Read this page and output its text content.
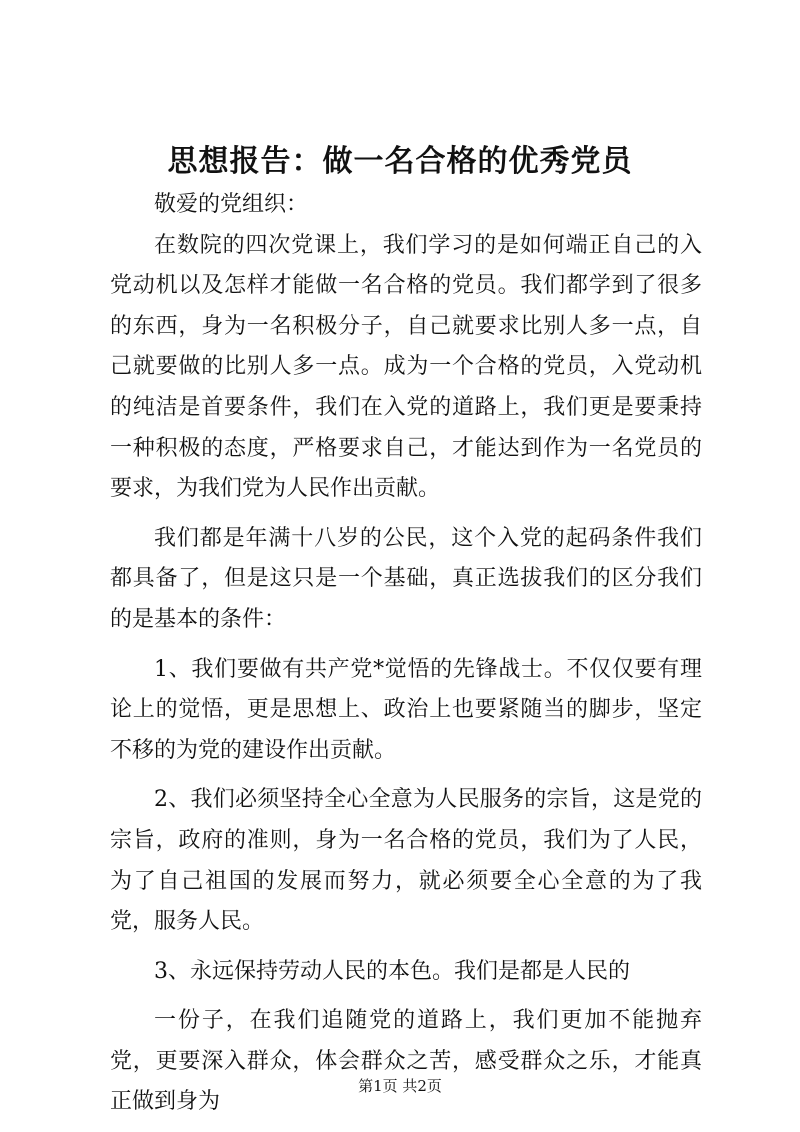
思想报告：做一名合格的优秀党员

敬爱的党组织：

在数院的四次党课上，我们学习的是如何端正自己的入党动机以及怎样才能做一名合格的党员。我们都学到了很多的东西，身为一名积极分子，自己就要求比别人多一点，自己就要做的比别人多一点。成为一个合格的党员，入党动机的纯洁是首要条件，我们在入党的道路上，我们更是要秉持一种积极的态度，严格要求自己，才能达到作为一名党员的要求，为我们党为人民作出贡献。

我们都是年满十八岁的公民，这个入党的起码条件我们都具备了，但是这只是一个基础，真正选拔我们的区分我们的是基本的条件：

1、我们要做有共产党*觉悟的先锋战士。不仅仅要有理论上的觉悟，更是思想上、政治上也要紧随当的脚步，坚定不移的为党的建设作出贡献。

2、我们必须坚持全心全意为人民服务的宗旨，这是党的宗旨，政府的准则，身为一名合格的党员，我们为了人民，为了自己祖国的发展而努力，就必须要全心全意的为了我党，服务人民。

3、永远保持劳动人民的本色。我们是都是人民的

一份子，在我们追随党的道路上，我们更加不能抛弃党，更要深入群众，体会群众之苦，感受群众之乐，才能真正做到身为

第1页 共2页
